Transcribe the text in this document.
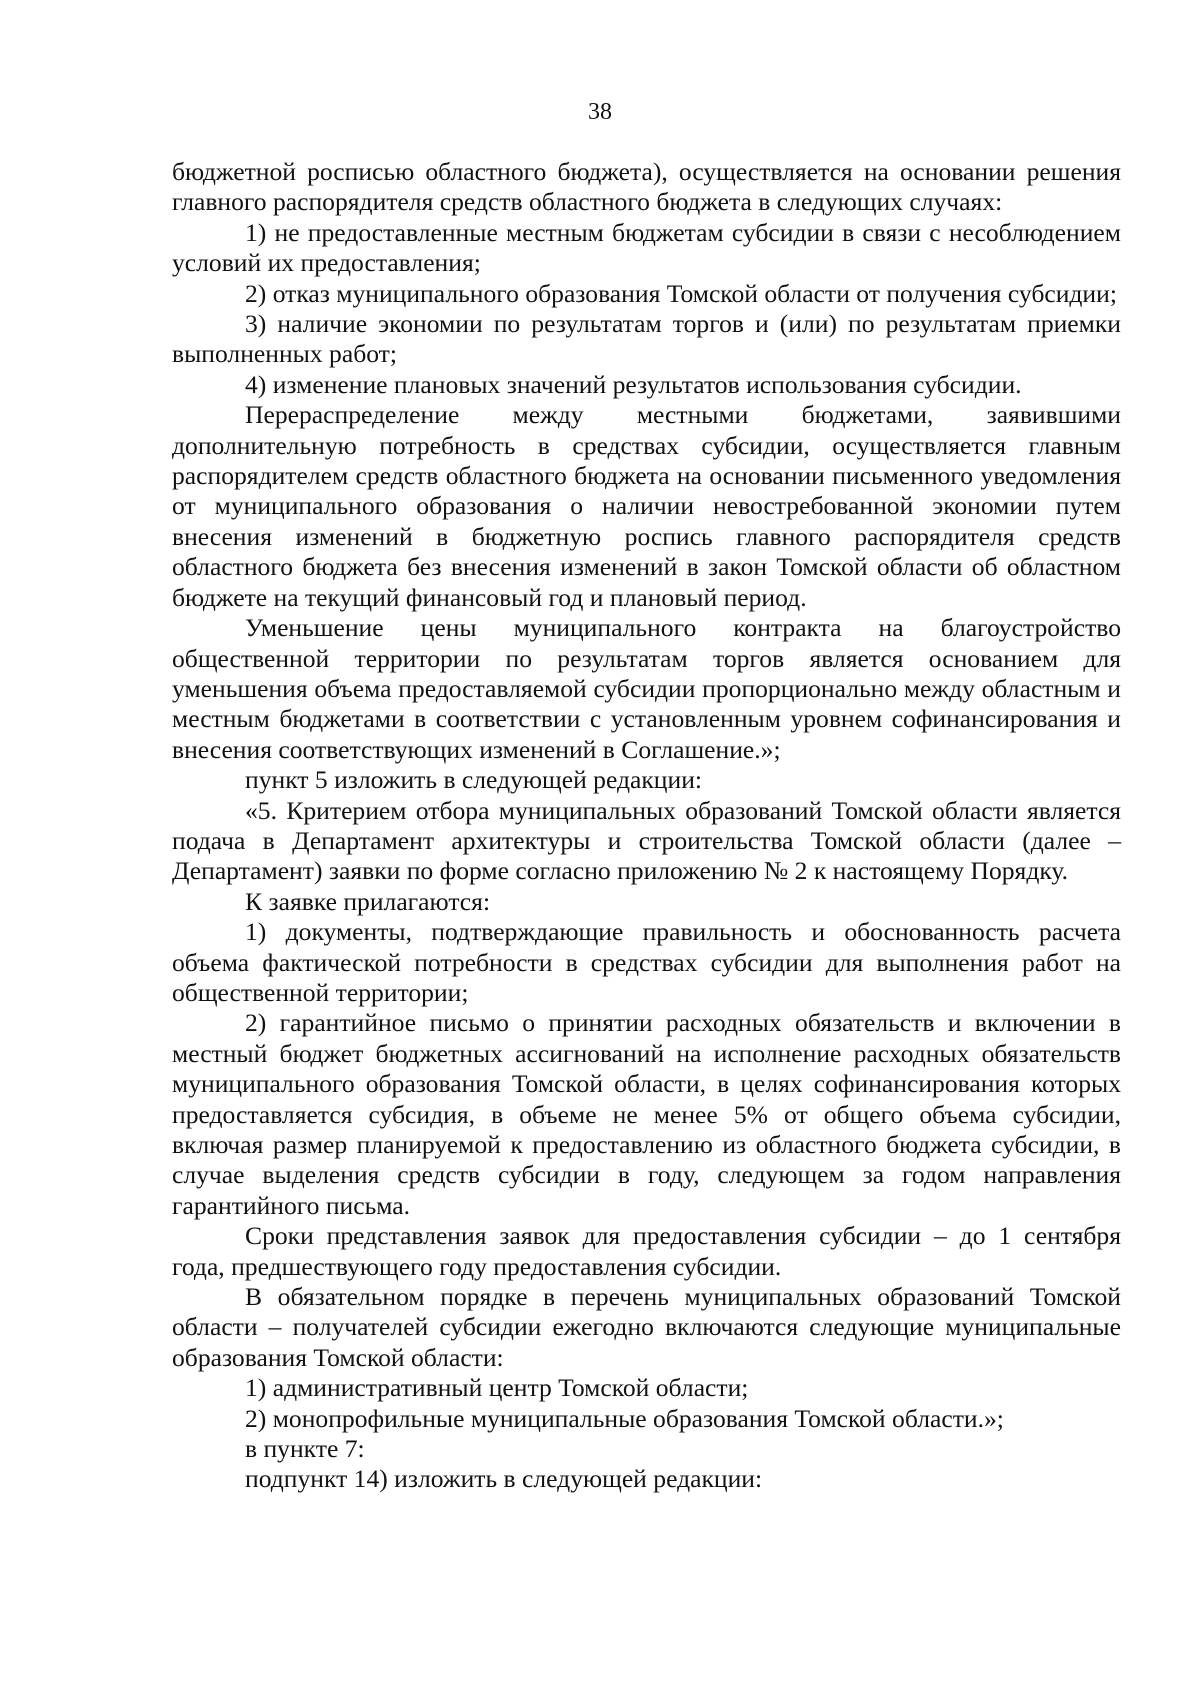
38

бюджетной росписью областного бюджета), осуществляется на основании решения главного распорядителя средств областного бюджета в следующих случаях:

1) не предоставленные местным бюджетам субсидии в связи с несоблюдением условий их предоставления;

2) отказ муниципального образования Томской области от получения субсидии;

3) наличие экономии по результатам торгов и (или) по результатам приемки выполненных работ;

4) изменение плановых значений результатов использования субсидии.

Перераспределение между местными бюджетами, заявившими дополнительную потребность в средствах субсидии, осуществляется главным распорядителем средств областного бюджета на основании письменного уведомления от муниципального образования о наличии невостребованной экономии путем внесения изменений в бюджетную роспись главного распорядителя средств областного бюджета без внесения изменений в закон Томской области об областном бюджете на текущий финансовый год и плановый период.

Уменьшение цены муниципального контракта на благоустройство общественной территории по результатам торгов является основанием для уменьшения объема предоставляемой субсидии пропорционально между областным и местным бюджетами в соответствии с установленным уровнем софинансирования и внесения соответствующих изменений в Соглашение.»;

пункт 5 изложить в следующей редакции:

«5. Критерием отбора муниципальных образований Томской области является подача в Департамент архитектуры и строительства Томской области (далее – Департамент) заявки по форме согласно приложению № 2 к настоящему Порядку.

К заявке прилагаются:

1) документы, подтверждающие правильность и обоснованность расчета объема фактической потребности в средствах субсидии для выполнения работ на общественной территории;

2) гарантийное письмо о принятии расходных обязательств и включении в местный бюджет бюджетных ассигнований на исполнение расходных обязательств муниципального образования Томской области, в целях софинансирования которых предоставляется субсидия, в объеме не менее 5% от общего объема субсидии, включая размер планируемой к предоставлению из областного бюджета субсидии, в случае выделения средств субсидии в году, следующем за годом направления гарантийного письма.

Сроки представления заявок для предоставления субсидии – до 1 сентября года, предшествующего году предоставления субсидии.

В обязательном порядке в перечень муниципальных образований Томской области – получателей субсидии ежегодно включаются следующие муниципальные образования Томской области:

1) административный центр Томской области;

2) монопрофильные муниципальные образования Томской области.»;

в пункте 7:

подпункт 14) изложить в следующей редакции:
